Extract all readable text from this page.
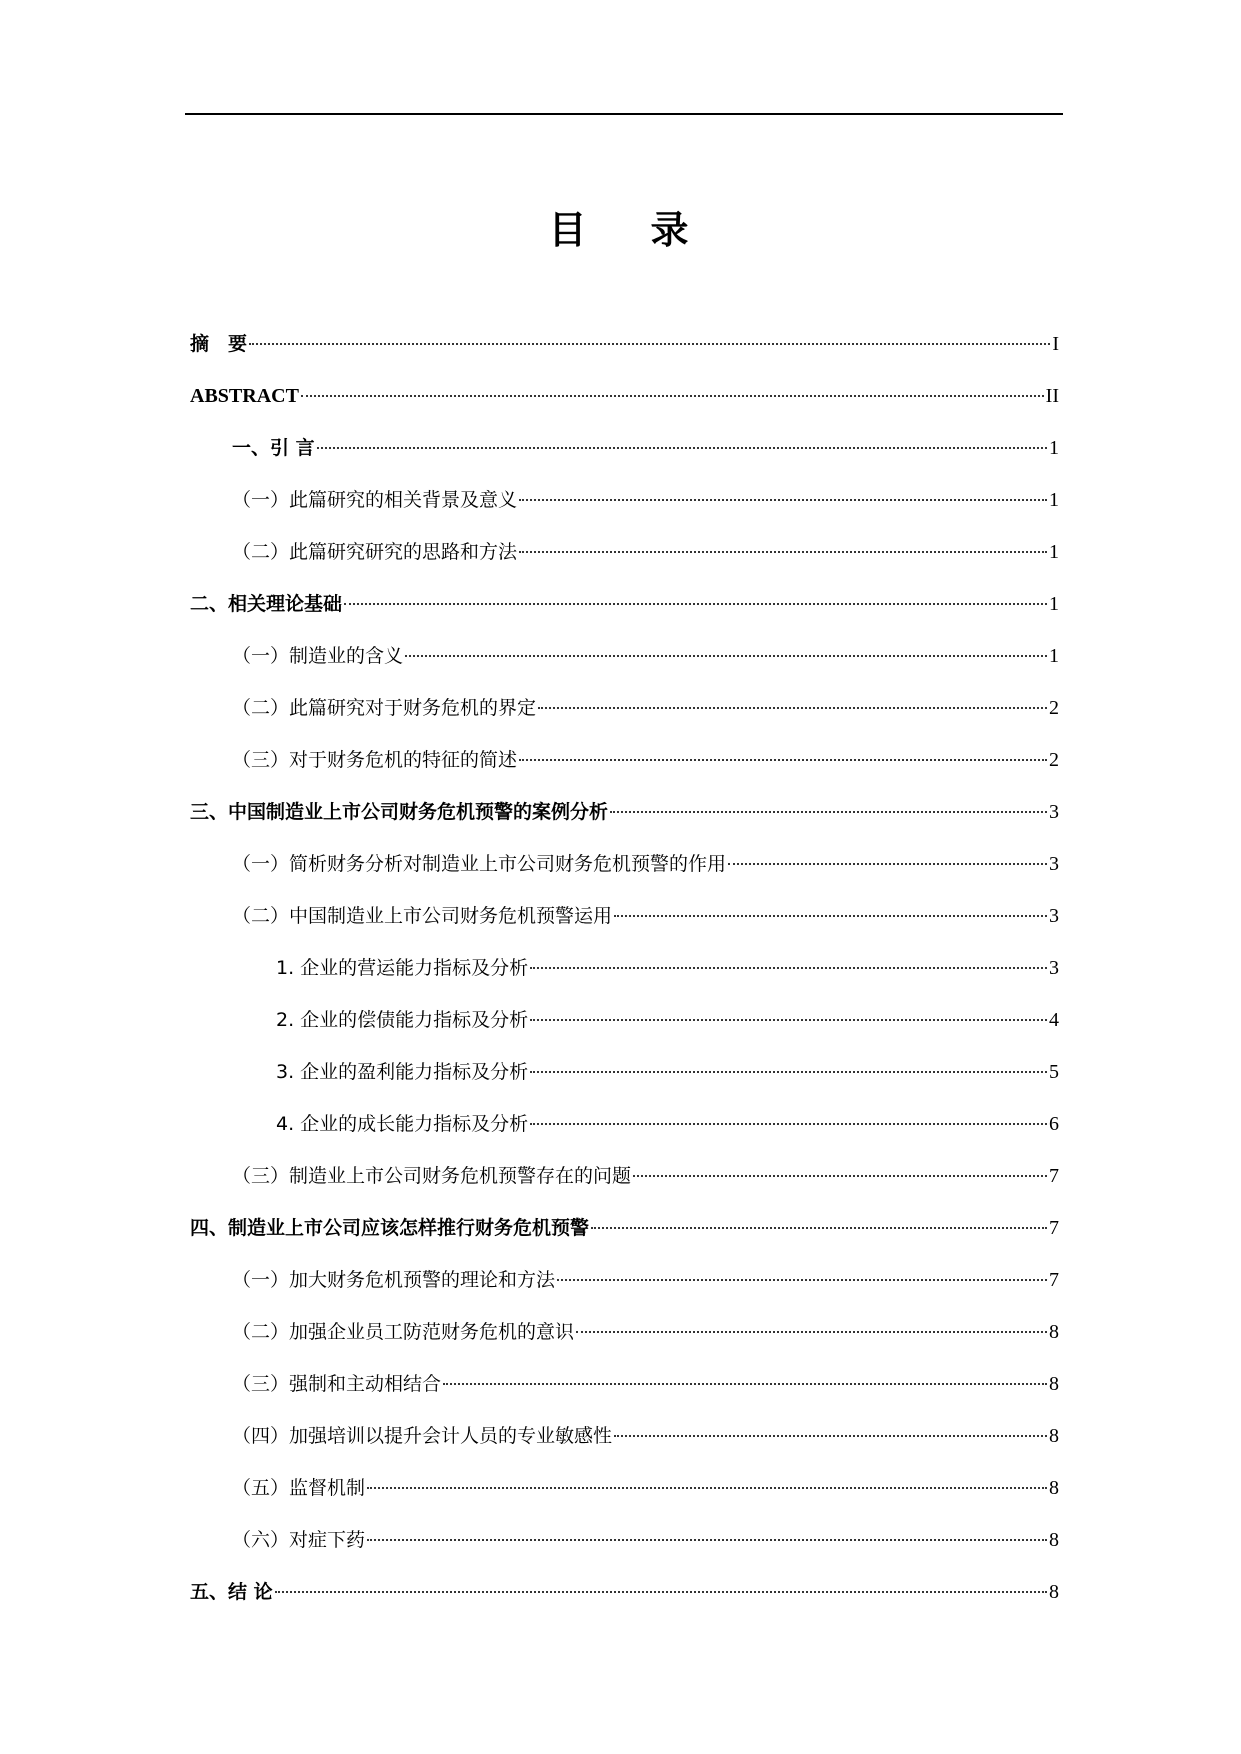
目 录
摘　要	I
ABSTRACT	II
一、引 言	1
（一）此篇研究的相关背景及意义	1
（二）此篇研究研究的思路和方法	1
二、相关理论基础	1
（一）制造业的含义	1
（二）此篇研究对于财务危机的界定	2
（三）对于财务危机的特征的简述	2
三、中国制造业上市公司财务危机预警的案例分析	3
（一）简析财务分析对制造业上市公司财务危机预警的作用	3
（二）中国制造业上市公司财务危机预警运用	3
1. 企业的营运能力指标及分析	3
2. 企业的偿债能力指标及分析	4
3. 企业的盈利能力指标及分析	5
4. 企业的成长能力指标及分析	6
（三）制造业上市公司财务危机预警存在的问题	7
四、制造业上市公司应该怎样推行财务危机预警	7
（一）加大财务危机预警的理论和方法	7
（二）加强企业员工防范财务危机的意识	8
（三）强制和主动相结合	8
（四）加强培训以提升会计人员的专业敏感性	8
（五）监督机制	8
（六）对症下药	8
五、结 论	8
